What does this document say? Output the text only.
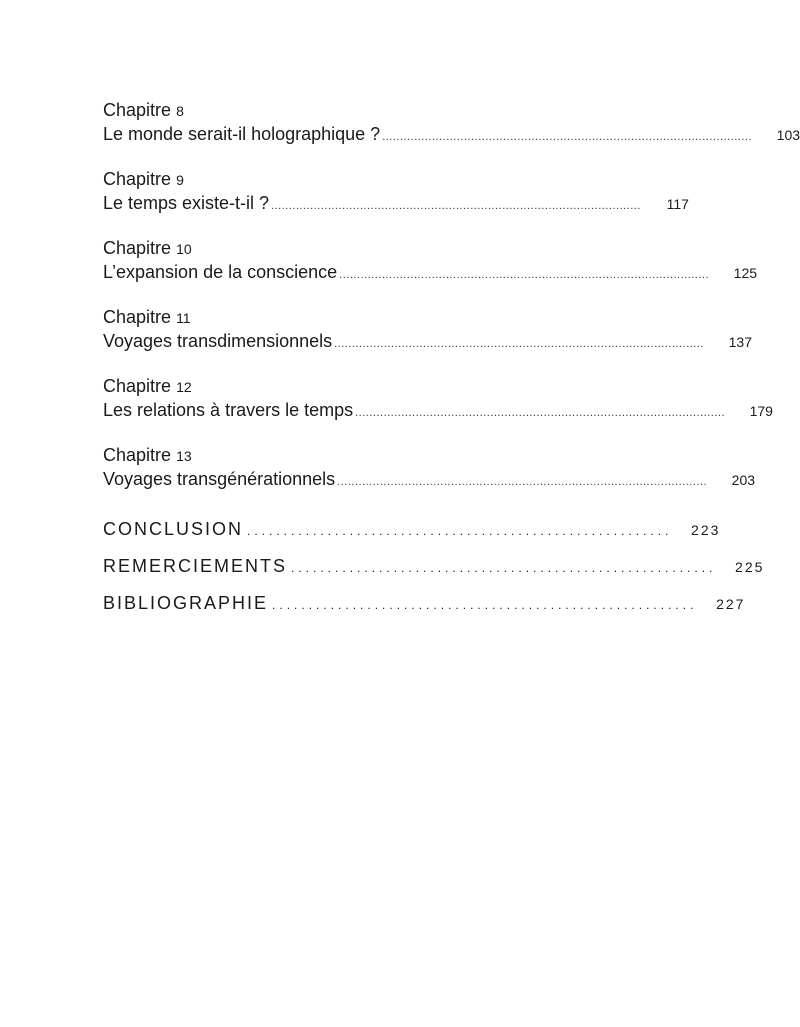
Chapitre 8
Le monde serait-il holographique ? ........................................................................................................	103
Chapitre 9
Le temps existe-t-il ? ........................................................................................................	117
Chapitre 10
L’expansion de la conscience ........................................................................................................	125
Chapitre 11
Voyages transdimensionnels ........................................................................................................	137
Chapitre 12
Les relations à travers le temps ........................................................................................................	179
Chapitre 13
Voyages transgénérationnels ........................................................................................................	203
CONCLUSION ..........................................................	223
REMERCIEMENTS ..........................................................	225
BIBLIOGRAPHIE ..........................................................	227
